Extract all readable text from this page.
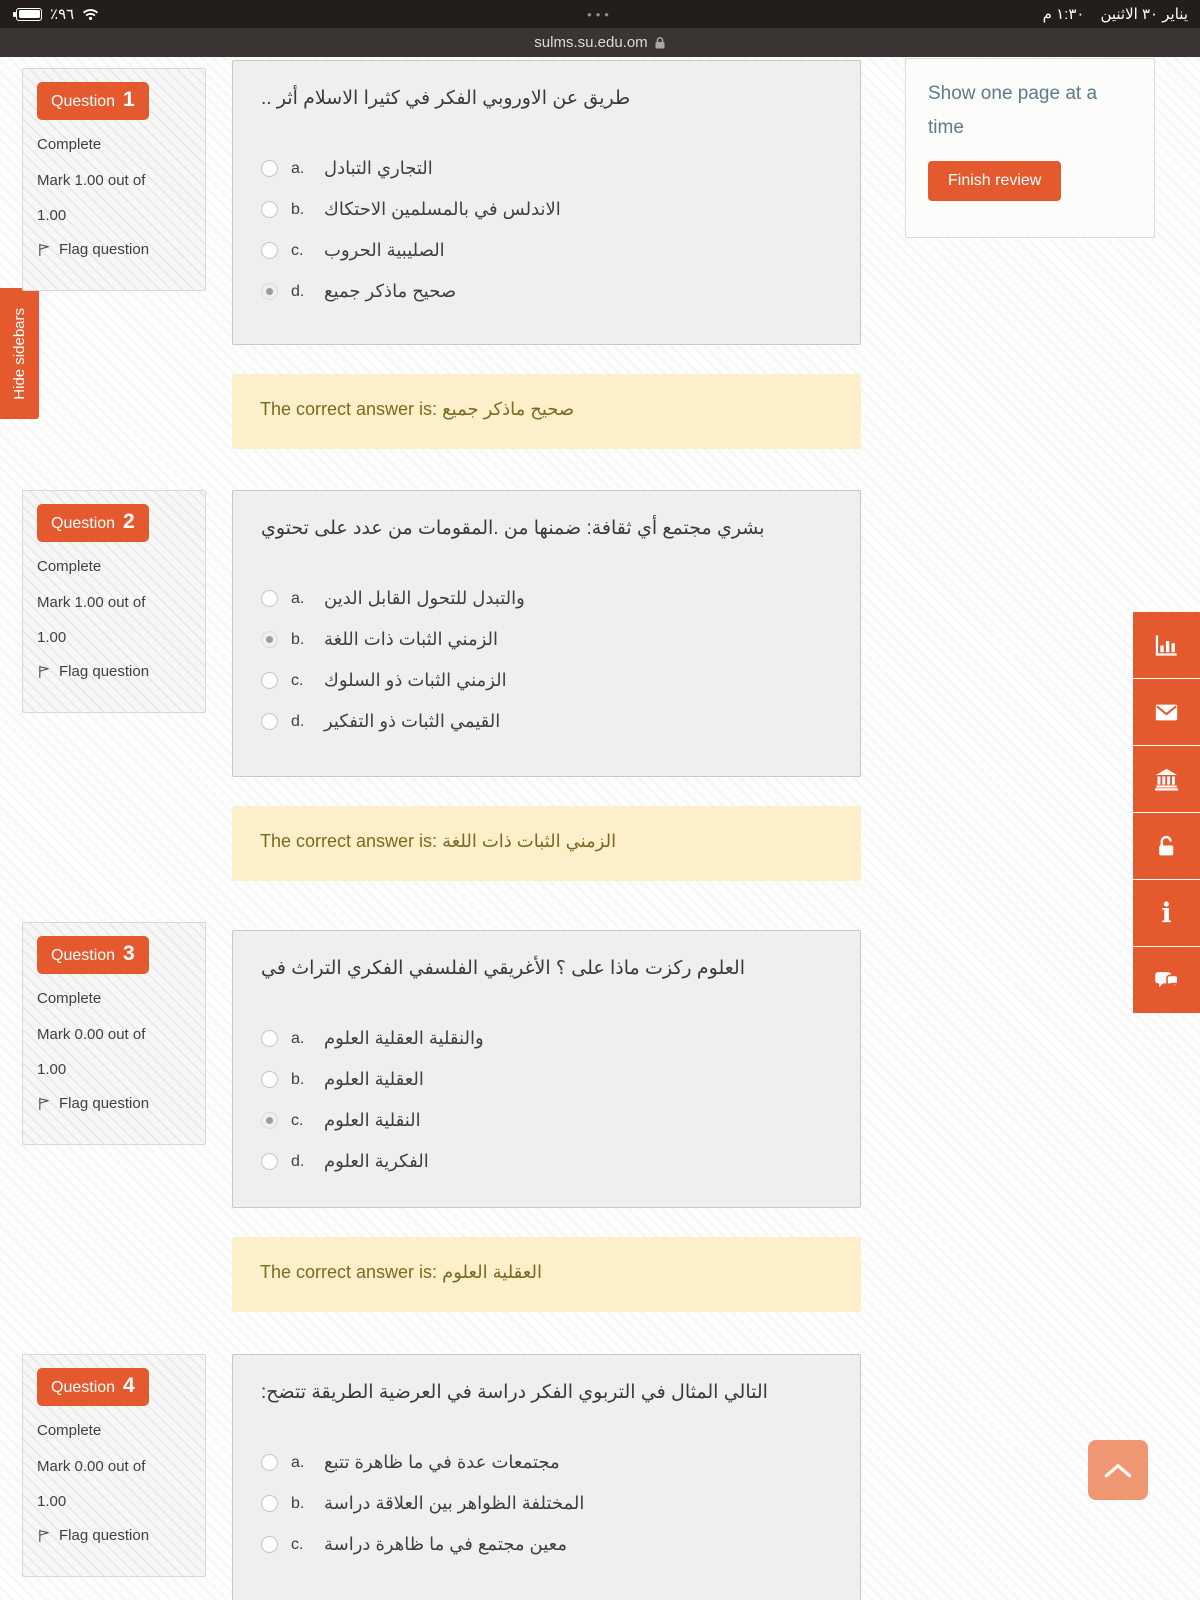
٪٩٦	•••	١:٣٠ م يناير ٣٠ الاثنين
sulms.su.edu.om
Hide sidebars
Question 1
Complete
Mark 1.00 out of 1.00
Flag question
.. طريق عن الاوروبي الفكر في كثيرا الاسلام أثر
a.	التجاري التبادل
b.	الاندلس في بالمسلمين الاحتكاك
c.	الصليبية الحروب
d.	صحيح ماذكر جميع
The correct answer is: صحيح ماذكر جميع
Show one page at a time
Finish review
Question 2
Complete
Mark 1.00 out of 1.00
Flag question
بشري مجتمع أي ثقافة: ضمنها من .المقومات من عدد على تحتوي
a.	والتبدل للتحول القابل الدين
b.	الزمني الثبات ذات اللغة
c.	الزمني الثبات ذو السلوك
d.	القيمي الثبات ذو التفكير
The correct answer is: الزمني الثبات ذات اللغة
Question 3
Complete
Mark 0.00 out of 1.00
Flag question
العلوم ركزت ماذا على ؟ الأغريقي الفلسفي الفكري التراث في
a.	والنقلية العقلية العلوم
b.	العقلية العلوم
c.	النقلية العلوم
d.	الفكرية العلوم
The correct answer is: العقلية العلوم
Question 4
Complete
Mark 0.00 out of 1.00
Flag question
:التالي المثال في التربوي الفكر دراسة في العرضية الطريقة تتضح
a.	مجتمعات عدة في ما ظاهرة تتبع
b.	المختلفة الظواهر بين العلاقة دراسة
c.	معين مجتمع في ما ظاهرة دراسة
i
